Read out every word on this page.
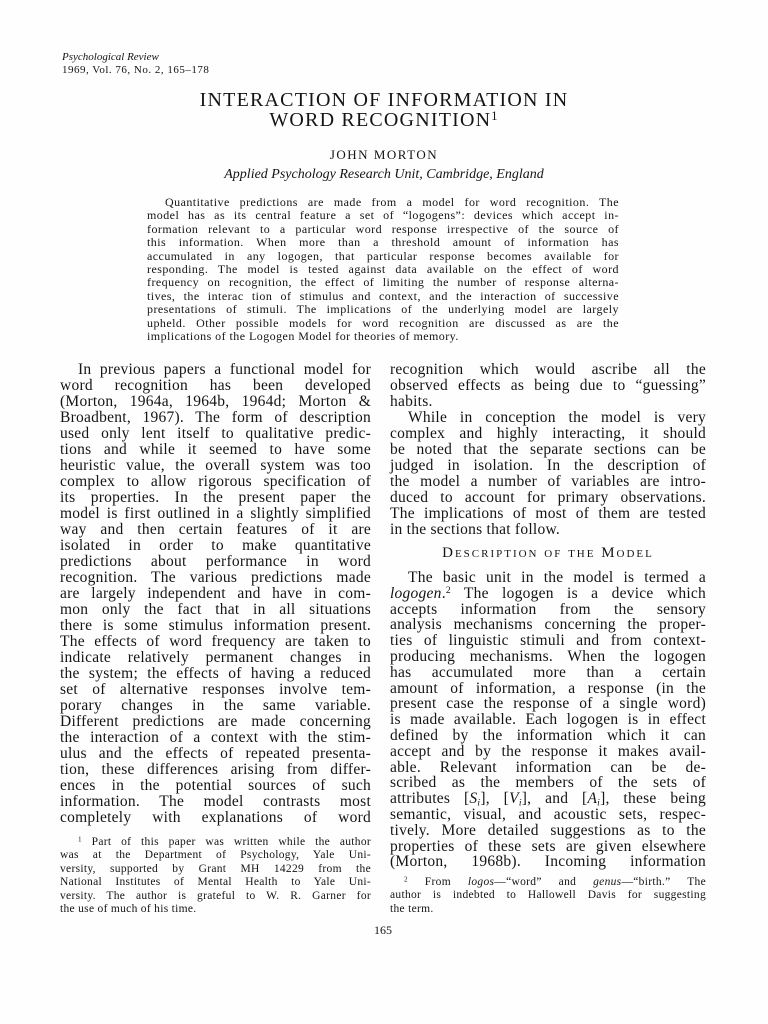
Psychological Review
1969, Vol. 76, No. 2, 165–178
INTERACTION OF INFORMATION IN
WORD RECOGNITION$^1$
JOHN MORTON
Applied Psychology Research Unit, Cambridge, England
Quantitative predictions are made from a model for word recognition. The
model has as its central feature a set of “logogens”: devices which accept in-
formation relevant to a particular word response irrespective of the source of
this information. When more than a threshold amount of information has
accumulated in any logogen, that particular response becomes available for
responding. The model is tested against data available on the effect of word
frequency on recognition, the effect of limiting the number of response alterna-
tives, the interac tion of stimulus and context, and the interaction of successive
presentations of stimuli. The implications of the underlying model are largely
upheld. Other possible models for word recognition are discussed as are the
implications of the Logogen Model for theories of memory.
In previous papers a functional model for
word recognition has been developed
(Morton, 1964a, 1964b, 1964d; Morton &
Broadbent, 1967). The form of description
used only lent itself to qualitative predic-
tions and while it seemed to have some
heuristic value, the overall system was too
complex to allow rigorous specification of
its properties. In the present paper the
model is first outlined in a slightly simplified
way and then certain features of it are
isolated in order to make quantitative
predictions about performance in word
recognition. The various predictions made
are largely independent and have in com-
mon only the fact that in all situations
there is some stimulus information present.
The effects of word frequency are taken to
indicate relatively permanent changes in
the system; the effects of having a reduced
set of alternative responses involve tem-
porary changes in the same variable.
Different predictions are made concerning
the interaction of a context with the stim-
ulus and the effects of repeated presenta-
tion, these differences arising from differ-
ences in the potential sources of such
information. The model contrasts most
completely with explanations of word
recognition which would ascribe all the
observed effects as being due to “guessing”
habits.
While in conception the model is very
complex and highly interacting, it should
be noted that the separate sections can be
judged in isolation. In the description of
the model a number of variables are intro-
duced to account for primary observations.
The implications of most of them are tested
in the sections that follow.
Description of the Model
The basic unit in the model is termed a
logogen.$^2$ The logogen is a device which
accepts information from the sensory
analysis mechanisms concerning the proper-
ties of linguistic stimuli and from context-
producing mechanisms. When the logogen
has accumulated more than a certain
amount of information, a response (in the
present case the response of a single word)
is made available. Each logogen is in effect
defined by the information which it can
accept and by the response it makes avail-
able. Relevant information can be de-
scribed as the members of the sets of
attributes $[S_i]$, $[V_i]$, and $[A_i]$, these being
semantic, visual, and acoustic sets, respec-
tively. More detailed suggestions as to the
properties of these sets are given elsewhere
(Morton, 1968b). Incoming information
$^1$ Part of this paper was written while the author
was at the Department of Psychology, Yale Uni-
versity, supported by Grant MH 14229 from the
National Institutes of Mental Health to Yale Uni-
versity. The author is grateful to W. R. Garner for
the use of much of his time.
$^2$ From logos—“word” and genus—“birth.” The
author is indebted to Hallowell Davis for suggesting
the term.
165
